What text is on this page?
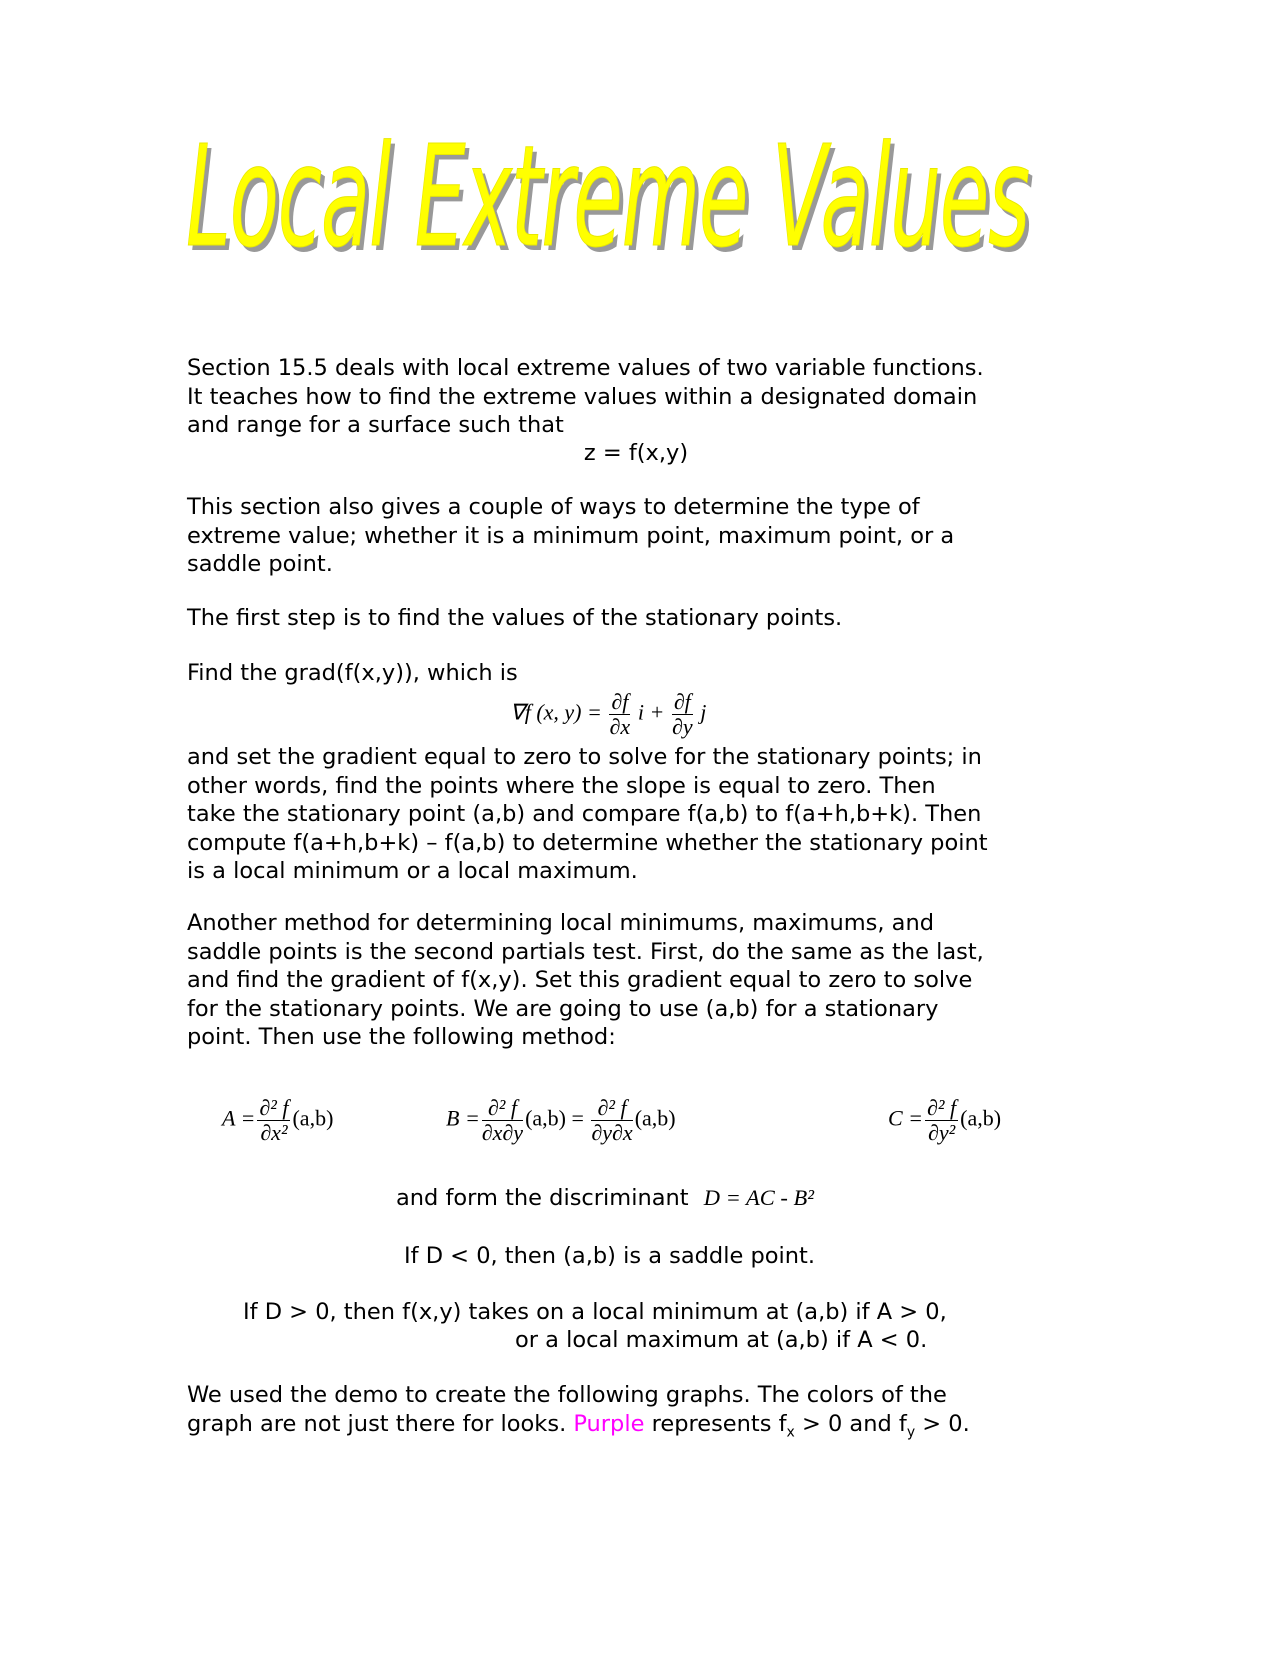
Local Extreme Values
Section 15.5 deals with local extreme values of two variable functions.
It teaches how to find the extreme values within a designated domain
and range for a surface such that
z = f(x,y)
This section also gives a couple of ways to determine the type of
extreme value; whether it is a minimum point, maximum point, or a
saddle point.
The first step is to find the values of the stationary points.
Find the grad(f(x,y)), which is
∇f (x, $y) = \frac{\partial f}{\partial x}$ $i + \frac{\partial f}{\partial y}$ j
and set the gradient equal to zero to solve for the stationary points; in
other words, find the points where the slope is equal to zero. Then
take the stationary point (a,b) and compare f(a,b) to f(a+h,b+k). Then
compute f(a+h,b+k) – f(a,b) to determine whether the stationary point
is a local minimum or a local maximum.
Another method for determining local minimums, maximums, and
saddle points is the second partials test. First, do the same as the last,
and find the gradient of f(x,y). Set this gradient equal to zero to solve
for the stationary points. We are going to use (a,b) for a stationary
point. Then use the following method:
$A = \frac{\text{∂² f}}{\text{∂x²}} (a,b)$	$B = \frac{\text{∂² f}}{\partial x\partial y} (a,b) = \frac{\text{∂² f}}{\partial y\partial x} (a,b)$	$C = \frac{\text{∂² f}}{\text{∂y²}} (a,b)$
and form the discriminant D = AC - B²
If D < 0, then (a,b) is a saddle point.
If D > 0, then f(x,y) takes on a local minimum at (a,b) if A > 0,
or a local maximum at (a,b) if A < 0.
We used the demo to create the following graphs. The colors of the
graph are not just there for looks. Purple represents $f_x > 0$ and $f_y > 0$.
